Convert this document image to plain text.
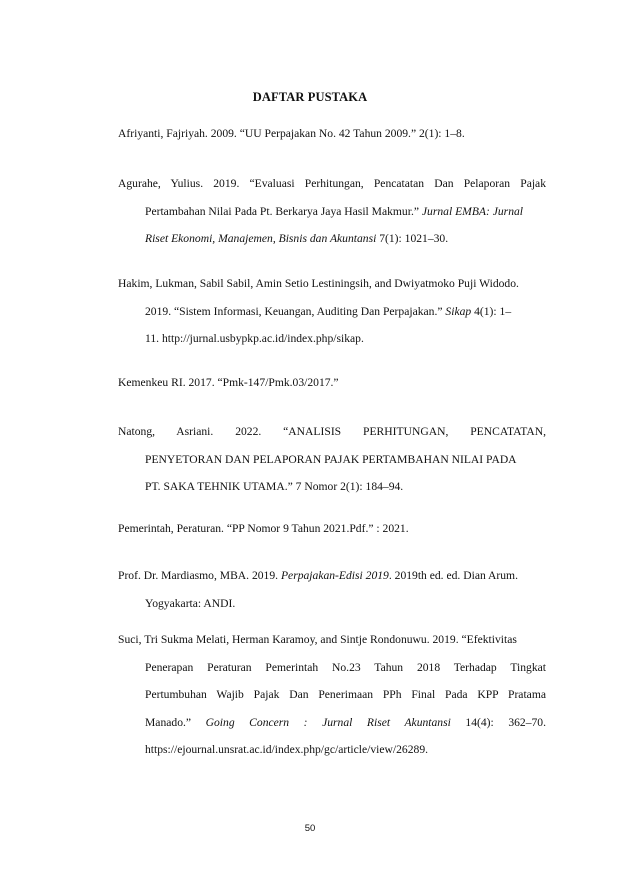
DAFTAR PUSTAKA
Afriyanti, Fajriyah. 2009. “UU Perpajakan No. 42 Tahun 2009.” 2(1): 1–8.
Agurahe, Yulius. 2019. “Evaluasi Perhitungan, Pencatatan Dan Pelaporan Pajak
Pertambahan Nilai Pada Pt. Berkarya Jaya Hasil Makmur.” Jurnal EMBA: Jurnal
Riset Ekonomi, Manajemen, Bisnis dan Akuntansi 7(1): 1021–30.
Hakim, Lukman, Sabil Sabil, Amin Setio Lestiningsih, and Dwiyatmoko Puji Widodo.
2019. “Sistem Informasi, Keuangan, Auditing Dan Perpajakan.” Sikap 4(1): 1–
11. http://jurnal.usbypkp.ac.id/index.php/sikap.
Kemenkeu RI. 2017. “Pmk-147/Pmk.03/2017.”
Natong, Asriani. 2022. “ANALISIS PERHITUNGAN, PENCATATAN,
PENYETORAN DAN PELAPORAN PAJAK PERTAMBAHAN NILAI PADA
PT. SAKA TEHNIK UTAMA.” 7 Nomor 2(1): 184–94.
Pemerintah, Peraturan. “PP Nomor 9 Tahun 2021.Pdf.” : 2021.
Prof. Dr. Mardiasmo, MBA. 2019. Perpajakan-Edisi 2019. 2019th ed. ed. Dian Arum.
Yogyakarta: ANDI.
Suci, Tri Sukma Melati, Herman Karamoy, and Sintje Rondonuwu. 2019. “Efektivitas
Penerapan Peraturan Pemerintah No.23 Tahun 2018 Terhadap Tingkat
Pertumbuhan Wajib Pajak Dan Penerimaan PPh Final Pada KPP Pratama
Manado.” Going Concern : Jurnal Riset Akuntansi 14(4): 362–70.
https://ejournal.unsrat.ac.id/index.php/gc/article/view/26289.
50
